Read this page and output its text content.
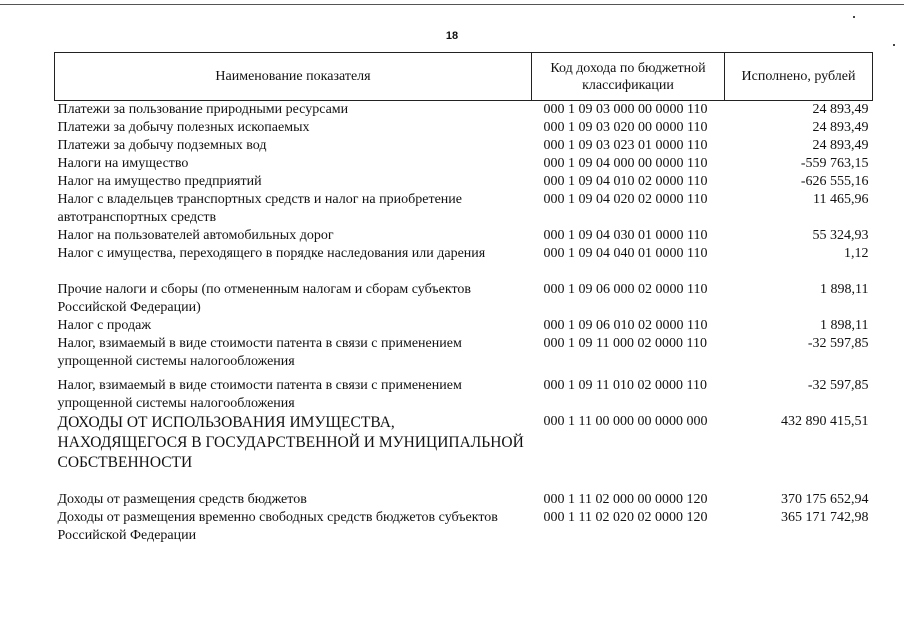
18
Наименование показателя	Код дохода по бюджетной классификации	Исполнено, рублей
Платежи за пользование природными ресурсами	000 1 09 03 000 00 0000 110	24 893,49
Платежи за добычу полезных ископаемых	000 1 09 03 020 00 0000 110	24 893,49
Платежи за добычу подземных вод	000 1 09 03 023 01 0000 110	24 893,49
Налоги на имущество	000 1 09 04 000 00 0000 110	-559 763,15
Налог на имущество предприятий	000 1 09 04 010 02 0000 110	-626 555,16
Налог с владельцев транспортных средств и налог на приобретение автотранспортных средств	000 1 09 04 020 02 0000 110	11 465,96
Налог на пользователей автомобильных дорог	000 1 09 04 030 01 0000 110	55 324,93
Налог с имущества, переходящего в порядке наследования или дарения	000 1 09 04 040 01 0000 110	1,12
Прочие налоги и сборы (по отмененным налогам и сборам субъектов Российской Федерации)	000 1 09 06 000 02 0000 110	1 898,11
Налог с продаж	000 1 09 06 010 02 0000 110	1 898,11
Налог, взимаемый в виде стоимости патента в связи с применением упрощенной системы налогообложения	000 1 09 11 000 02 0000 110	-32 597,85
Налог, взимаемый в виде стоимости патента в связи с применением упрощенной системы налогообложения	000 1 09 11 010 02 0000 110	-32 597,85
ДОХОДЫ ОТ ИСПОЛЬЗОВАНИЯ ИМУЩЕСТВА, НАХОДЯЩЕГОСЯ В ГОСУДАРСТВЕННОЙ И МУНИЦИПАЛЬНОЙ СОБСТВЕННОСТИ	000 1 11 00 000 00 0000 000	432 890 415,51
Доходы от размещения средств бюджетов	000 1 11 02 000 00 0000 120	370 175 652,94
Доходы от размещения временно свободных средств бюджетов субъектов Российской Федерации	000 1 11 02 020 02 0000 120	365 171 742,98
